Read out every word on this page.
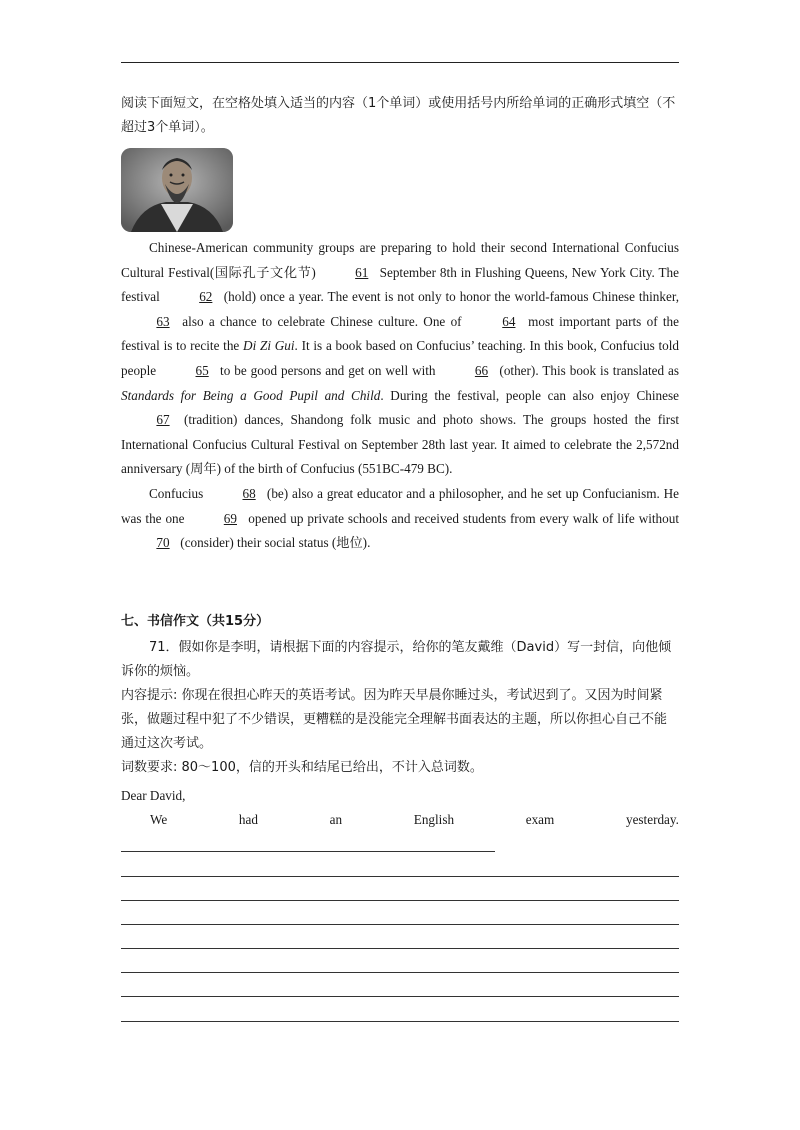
阅读下面短文，在空格处填入适当的内容（1个单词）或使用括号内所给单词的正确形式填空（不超过3个单词）。

Chinese-American community groups are preparing to hold their second International Confucius Cultural Festival(国际孔子文化节)	61 September 8th in Flushing Queens, New York City. The festival	62 (hold) once a year. The event is not only to honor the world-famous Chinese thinker, 63 also a chance to celebrate Chinese culture. One of	64 most important parts of the festival is to recite the Di Zi Gui. It is a book based on Confucius’ teaching. In this book, Confucius told people	65 to be good persons and get on well with	66 (other). This book is translated as Standards for Being a Good Pupil and Child. During the festival, people can also enjoy Chinese 67 (tradition) dances, Shandong folk music and photo shows. The groups hosted the first International Confucius Cultural Festival on September 28th last year. It aimed to celebrate the 2,572nd anniversary (周年) of the birth of Confucius (551BC-479 BC).

Confucius	68 (be) also a great educator and a philosopher, and he set up Confucianism. He was the one	69 opened up private schools and received students from every walk of life without 70 (consider) their social status (地位).

七、书信作文（共15分）

71．假如你是李明，请根据下面的内容提示，给你的笔友戴维（David）写一封信，向他倾诉你的烦恼。

内容提示: 你现在很担心昨天的英语考试。因为昨天早晨你睡过头，考试迟到了。又因为时间紧张，做题过程中犯了不少错误，更糟糕的是没能完全理解书面表达的主题，所以你担心自己不能通过这次考试。

词数要求: 80～100，信的开头和结尾已给出，不计入总词数。

Dear David,
We	had	an	English	exam	yesterday.
